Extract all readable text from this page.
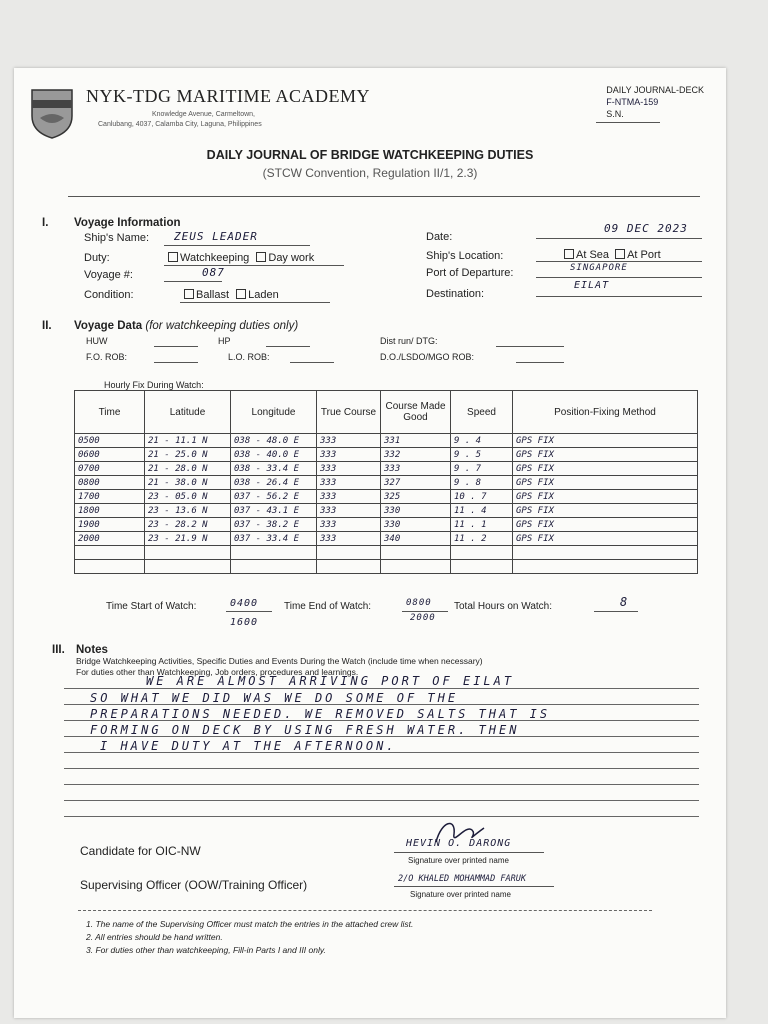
NYK-TDG MARITIME ACADEMY
Knowledge Avenue, Carmeltown,
Canlubang, 4037, Calamba City, Laguna, Philippines
DAILY JOURNAL-DECK
F-NTMA-159
S.N.
DAILY JOURNAL OF BRIDGE WATCHKEEPING DUTIES
(STCW Convention, Regulation II/1, 2.3)
I. Voyage Information
Ship's Name: ZEUS LEADER
Duty:	Watchkeeping Day work
Voyage #:	087
Condition:	Ballast Laden
Date:
09 DEC 2023
Ship's Location:	At Sea At Port
Port of Departure:	SINGAPORE
Destination:
EILAT
II. Voyage Data (for watchkeeping duties only)
HUW	HP	Dist run/ DTG:
F.O. ROB:	L.O. ROB:	D.O./LSDO/MGO ROB:
Hourly Fix During Watch:
Time	Latitude	Longitude	True Course	Course Made Good	Speed	Position-Fixing Method
0500	21 - 11.1 N	038 - 48.0 E	333	331	9 . 4	GPS FIX
0600	21 - 25.0 N	038 - 40.0 E	333	332	9 . 5	GPS FIX
0700	21 - 28.0 N	038 - 33.4 E	333	333	9 . 7	GPS FIX
0800	21 - 38.0 N	038 - 26.4 E	333	327	9 . 8	GPS FIX
1700	23 - 05.0 N	037 - 56.2 E	333	325	10 . 7	GPS FIX
1800	23 - 13.6 N	037 - 43.1 E	333	330	11 . 4	GPS FIX
1900	23 - 28.2 N	037 - 38.2 E	333	330	11 . 1	GPS FIX
2000	23 - 21.9 N	037 - 33.4 E	333	340	11 . 2	GPS FIX

Time Start of Watch:	0400
1600
Time End of Watch:	0800
2000
Total Hours on Watch:	8
III. Notes
Bridge Watchkeeping Activities, Specific Duties and Events During the Watch (include time when necessary)
For duties other than Watchkeeping, Job orders, procedures and learnings.
WE ARE ALMOST ARRIVING PORT OF EILAT
SO WHAT WE DID WAS WE DO SOME OF THE
PREPARATIONS NEEDED. WE REMOVED SALTS THAT IS
FORMING ON DECK BY USING FRESH WATER. THEN
I HAVE DUTY AT THE AFTERNOON.
Candidate for OIC-NW
HEVIN O. DARONG
Signature over printed name
Supervising Officer (OOW/Training Officer)	2/O KHALED MOHAMMAD FARUK
Signature over printed name
1. The name of the Supervising Officer must match the entries in the attached crew list.
2. All entries should be hand written.
3. For duties other than watchkeeping, Fill-in Parts I and III only.
